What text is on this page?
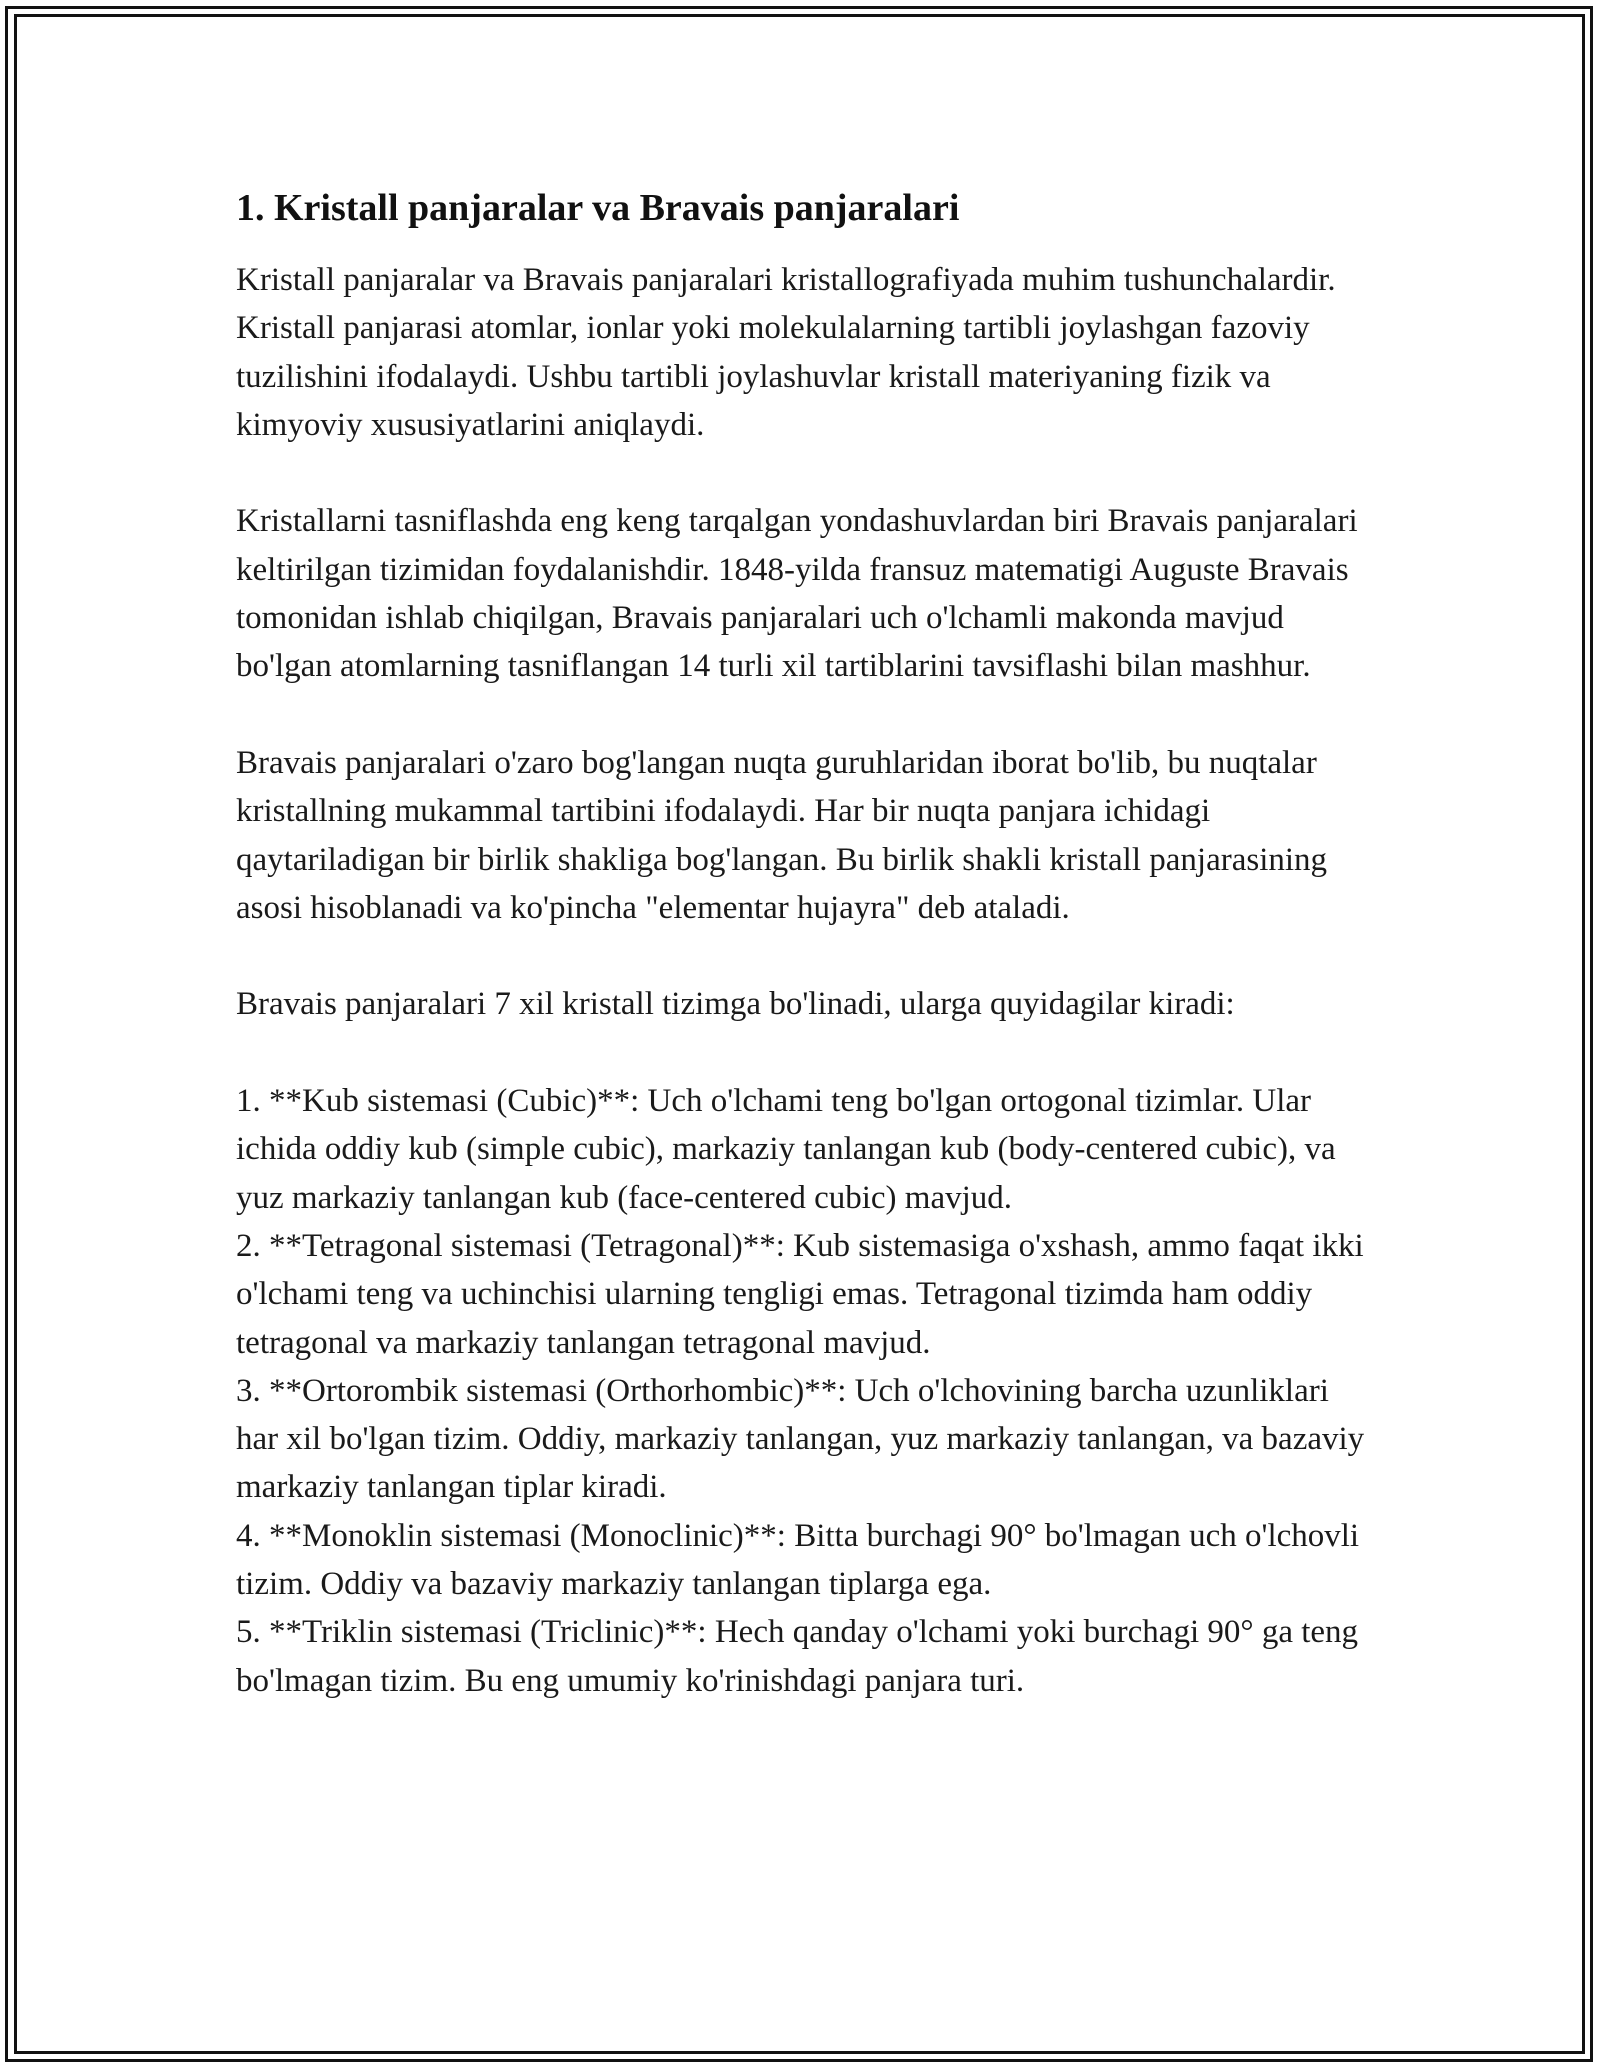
1. Kristall panjaralar va Bravais panjaralari

Kristall panjaralar va Bravais panjaralari kristallografiyada muhim tushunchalardir. Kristall panjarasi atomlar, ionlar yoki molekulalarning tartibli joylashgan fazoviy tuzilishini ifodalaydi. Ushbu tartibli joylashuvlar kristall materiyaning fizik va kimyoviy xususiyatlarini aniqlaydi.

Kristallarni tasniflashda eng keng tarqalgan yondashuvlardan biri Bravais panjaralari keltirilgan tizimidan foydalanishdir. 1848-yilda fransuz matematigi Auguste Bravais tomonidan ishlab chiqilgan, Bravais panjaralari uch o'lchamli makonda mavjud bo'lgan atomlarning tasniflangan 14 turli xil tartiblarini tavsiflashi bilan mashhur.

Bravais panjaralari o'zaro bog'langan nuqta guruhlaridan iborat bo'lib, bu nuqtalar kristallning mukammal tartibini ifodalaydi. Har bir nuqta panjara ichidagi qaytariladigan bir birlik shakliga bog'langan. Bu birlik shakli kristall panjarasining asosi hisoblanadi va ko'pincha "elementar hujayra" deb ataladi.

Bravais panjaralari 7 xil kristall tizimga bo'linadi, ularga quyidagilar kiradi:

1. **Kub sistemasi (Cubic)**: Uch o'lchami teng bo'lgan ortogonal tizimlar. Ular ichida oddiy kub (simple cubic), markaziy tanlangan kub (body-centered cubic), va yuz markaziy tanlangan kub (face-centered cubic) mavjud.
2. **Tetragonal sistemasi (Tetragonal)**: Kub sistemasiga o'xshash, ammo faqat ikki o'lchami teng va uchinchisi ularning tengligi emas. Tetragonal tizimda ham oddiy tetragonal va markaziy tanlangan tetragonal mavjud.
3. **Ortorombik sistemasi (Orthorhombic)**: Uch o'lchovining barcha uzunliklari har xil bo'lgan tizim. Oddiy, markaziy tanlangan, yuz markaziy tanlangan, va bazaviy markaziy tanlangan tiplar kiradi.
4. **Monoklin sistemasi (Monoclinic)**: Bitta burchagi 90° bo'lmagan uch o'lchovli tizim. Oddiy va bazaviy markaziy tanlangan tiplarga ega.
5. **Triklin sistemasi (Triclinic)**: Hech qanday o'lchami yoki burchagi 90° ga teng bo'lmagan tizim. Bu eng umumiy ko'rinishdagi panjara turi.
